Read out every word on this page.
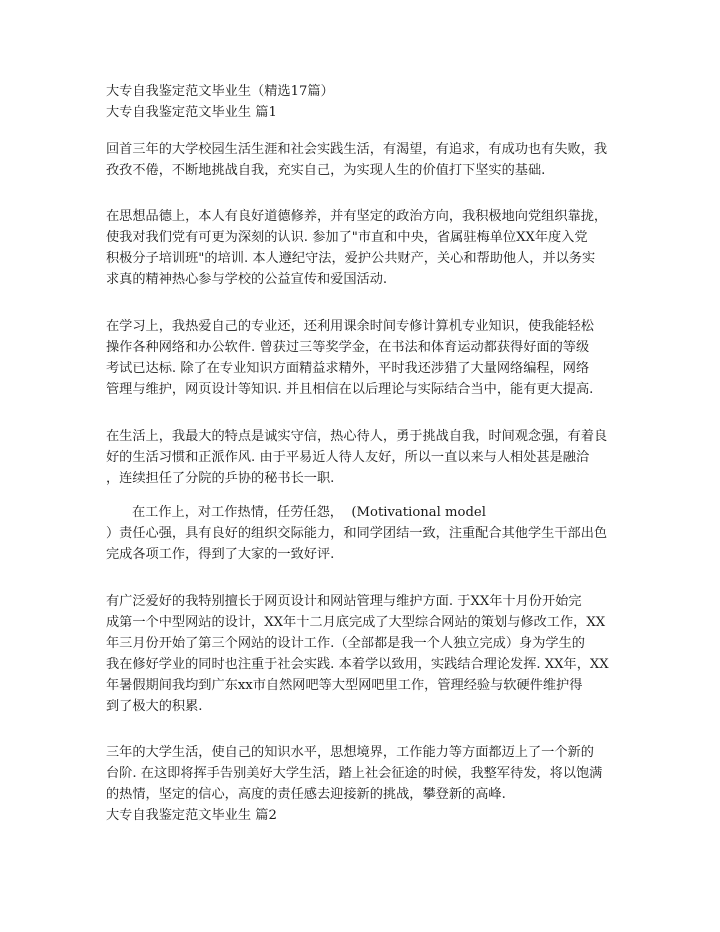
大专自我鉴定范文毕业生（精选17篇）
大专自我鉴定范文毕业生 篇1
回首三年的大学校园生活生涯和社会实践生活，有渴望，有追求，有成功也有失败，我
孜孜不倦，不断地挑战自我，充实自己，为实现人生的价值打下坚实的基础.
在思想品德上，本人有良好道德修养，并有坚定的政治方向，我积极地向党组织靠拢，
使我对我们党有可更为深刻的认识. 参加了"市直和中央，省属驻梅单位XX年度入党
积极分子培训班"的培训. 本人遵纪守法，爱护公共财产，关心和帮助他人，并以务实
求真的精神热心参与学校的公益宣传和爱国活动.
在学习上，我热爱自己的专业还，还利用课余时间专修计算机专业知识，使我能轻松
操作各种网络和办公软件. 曾获过三等奖学金，在书法和体育运动都获得好面的等级
考试已达标. 除了在专业知识方面精益求精外，平时我还涉猎了大量网络编程，网络
管理与维护，网页设计等知识. 并且相信在以后理论与实际结合当中，能有更大提高.
在生活上，我最大的特点是诚实守信，热心待人，勇于挑战自我，时间观念强，有着良
好的生活习惯和正派作风. 由于平易近人待人友好，所以一直以来与人相处甚是融洽
，连续担任了分院的乒协的秘书长一职.
在工作上，对工作热情，任劳任怨，  (Motivational model
）责任心强，具有良好的组织交际能力，和同学团结一致，注重配合其他学生干部出色
完成各项工作，得到了大家的一致好评.
有广泛爱好的我特别擅长于网页设计和网站管理与维护方面. 于XX年十月份开始完
成第一个中型网站的设计，XX年十二月底完成了大型综合网站的策划与修改工作，XX
年三月份开始了第三个网站的设计工作.（全部都是我一个人独立完成）身为学生的
我在修好学业的同时也注重于社会实践. 本着学以致用，实践结合理论发挥. XX年，XX
年暑假期间我均到广东xx市自然网吧等大型网吧里工作，管理经验与软硬件维护得
到了极大的积累.
三年的大学生活，使自己的知识水平，思想境界，工作能力等方面都迈上了一个新的
台阶. 在这即将挥手告别美好大学生活，踏上社会征途的时候，我整军待发，将以饱满
的热情，坚定的信心，高度的责任感去迎接新的挑战，攀登新的高峰.
大专自我鉴定范文毕业生 篇2
